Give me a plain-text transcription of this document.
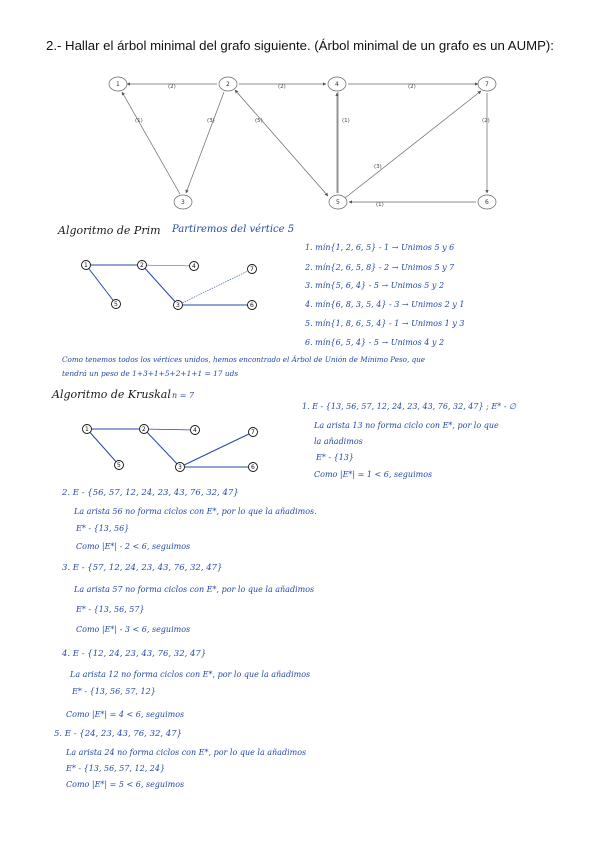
2.- Hallar el árbol minimal del grafo siguiente. (Árbol minimal de un grafo es un AUMP):
(2)	(2)	(2)
(1)	(3)	(5)	(1)
(3)
(2)
(1)
1	2	4	7
3	5	6
1	2	4	7
5	3	6
1	2	4	7
5	3	6
Algoritmo de Prim Partiremos del vértice 5
1. mín{1, 2, 6, 5} - 1 → Unimos 5 y 6
2. mín{2, 6, 5, 8} - 2 → Unimos 5 y 7
3. mín{5, 6, 4} - 5 → Unimos 5 y 2
4. mín{6, 8, 3, 5, 4} - 3 → Unimos 2 y 1
5. mín{1, 8, 6, 5, 4} - 1 → Unimos 1 y 3
6. mín{6, 5, 4} - 5 → Unimos 4 y 2
Como tenemos todos los vértices unidos, hemos encontrado el Árbol de Unión de Mínimo Peso, que
tendrá un peso de 1+3+1+5+2+1+1 = 17 uds
Algoritmo de Kruskal n = 7
1. E - {13, 56, 57, 12, 24, 23, 43, 76, 32, 47} ; E* - ∅
La arista 13 no forma ciclo con E*, por lo que
la añadimos
E* - {13}
Como |E*| = 1 < 6, seguimos
2. E - {56, 57, 12, 24, 23, 43, 76, 32, 47}
La arista 56 no forma ciclos con E*, por lo que la añadimos.
E* - {13, 56}
Como |E*| - 2 < 6, seguimos
3. E - {57, 12, 24, 23, 43, 76, 32, 47}
La arista 57 no forma ciclos con E*, por lo que la añadimos
E* - {13, 56, 57}
Como |E*| - 3 < 6, seguimos
4. E - {12, 24, 23, 43, 76, 32, 47}
La arista 12 no forma ciclos con E*, por lo que la añadimos
E* - {13, 56, 57, 12}
Como |E*| = 4 < 6, seguimos
5. E - {24, 23, 43, 76, 32, 47}
La arista 24 no forma ciclos con E*, por lo que la añadimos
E* - {13, 56, 57, 12, 24}
Como |E*| = 5 < 6, seguimos
